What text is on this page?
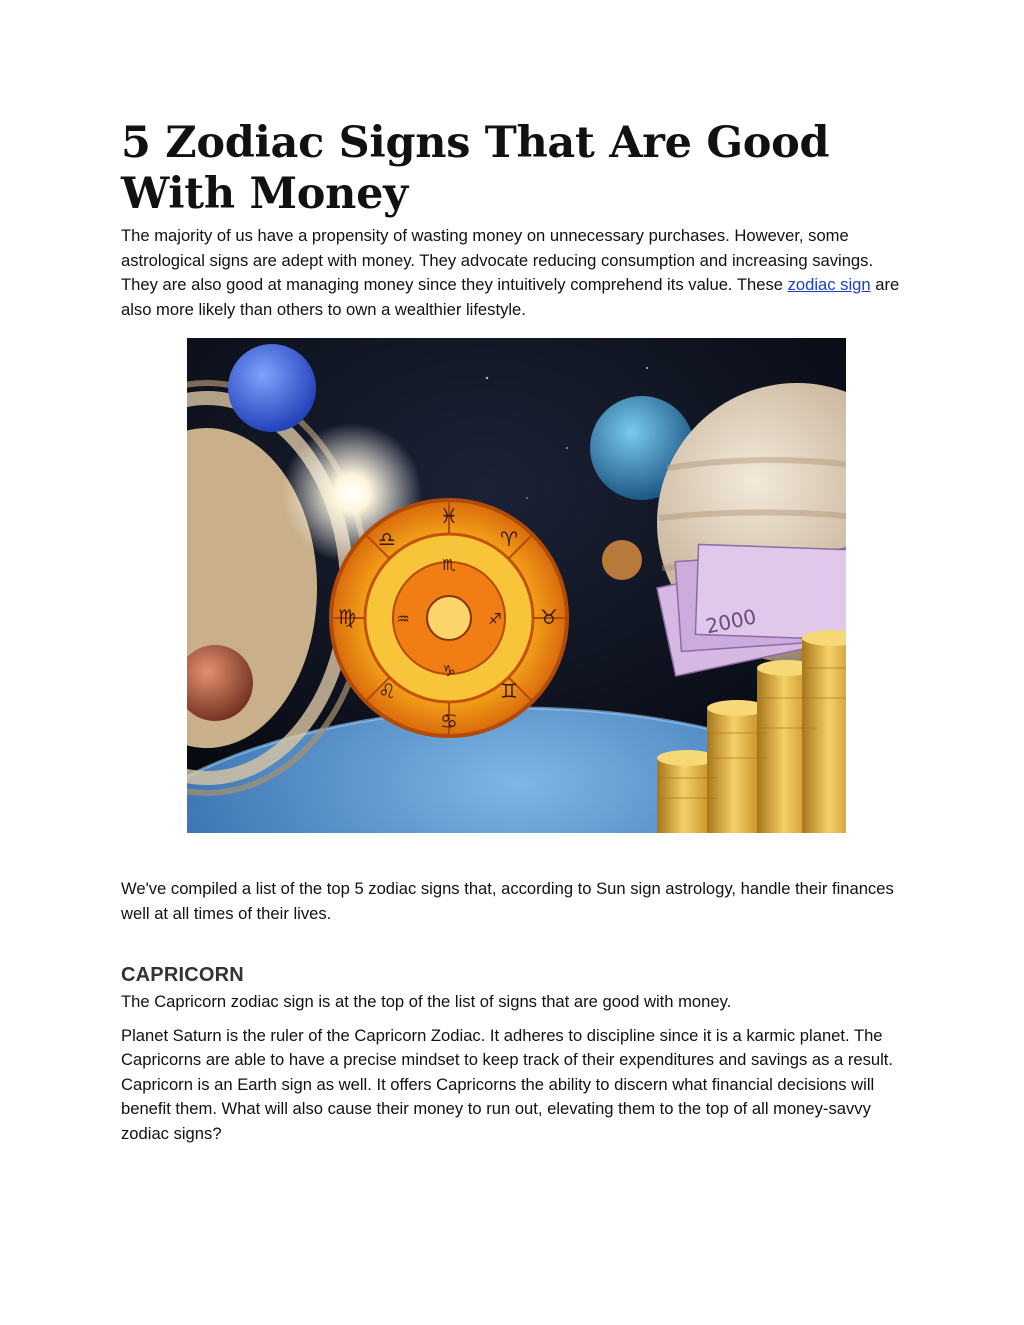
5 Zodiac Signs That Are Good With Money

The majority of us have a propensity of wasting money on unnecessary purchases. However, some astrological signs are adept with money. They advocate reducing consumption and increasing savings. They are also good at managing money since they intuitively comprehend its value. These zodiac sign are also more likely than others to own a wealthier lifestyle.

♓
♈
♉
♊
♋
♌
♍
♎
♏
♐
♑
♒	2000

We've compiled a list of the top 5 zodiac signs that, according to Sun sign astrology, handle their finances well at all times of their lives.

CAPRICORN

The Capricorn zodiac sign is at the top of the list of signs that are good with money.

Planet Saturn is the ruler of the Capricorn Zodiac. It adheres to discipline since it is a karmic planet. The Capricorns are able to have a precise mindset to keep track of their expenditures and savings as a result. Capricorn is an Earth sign as well. It offers Capricorns the ability to discern what financial decisions will benefit them. What will also cause their money to run out, elevating them to the top of all money-savvy zodiac signs?
